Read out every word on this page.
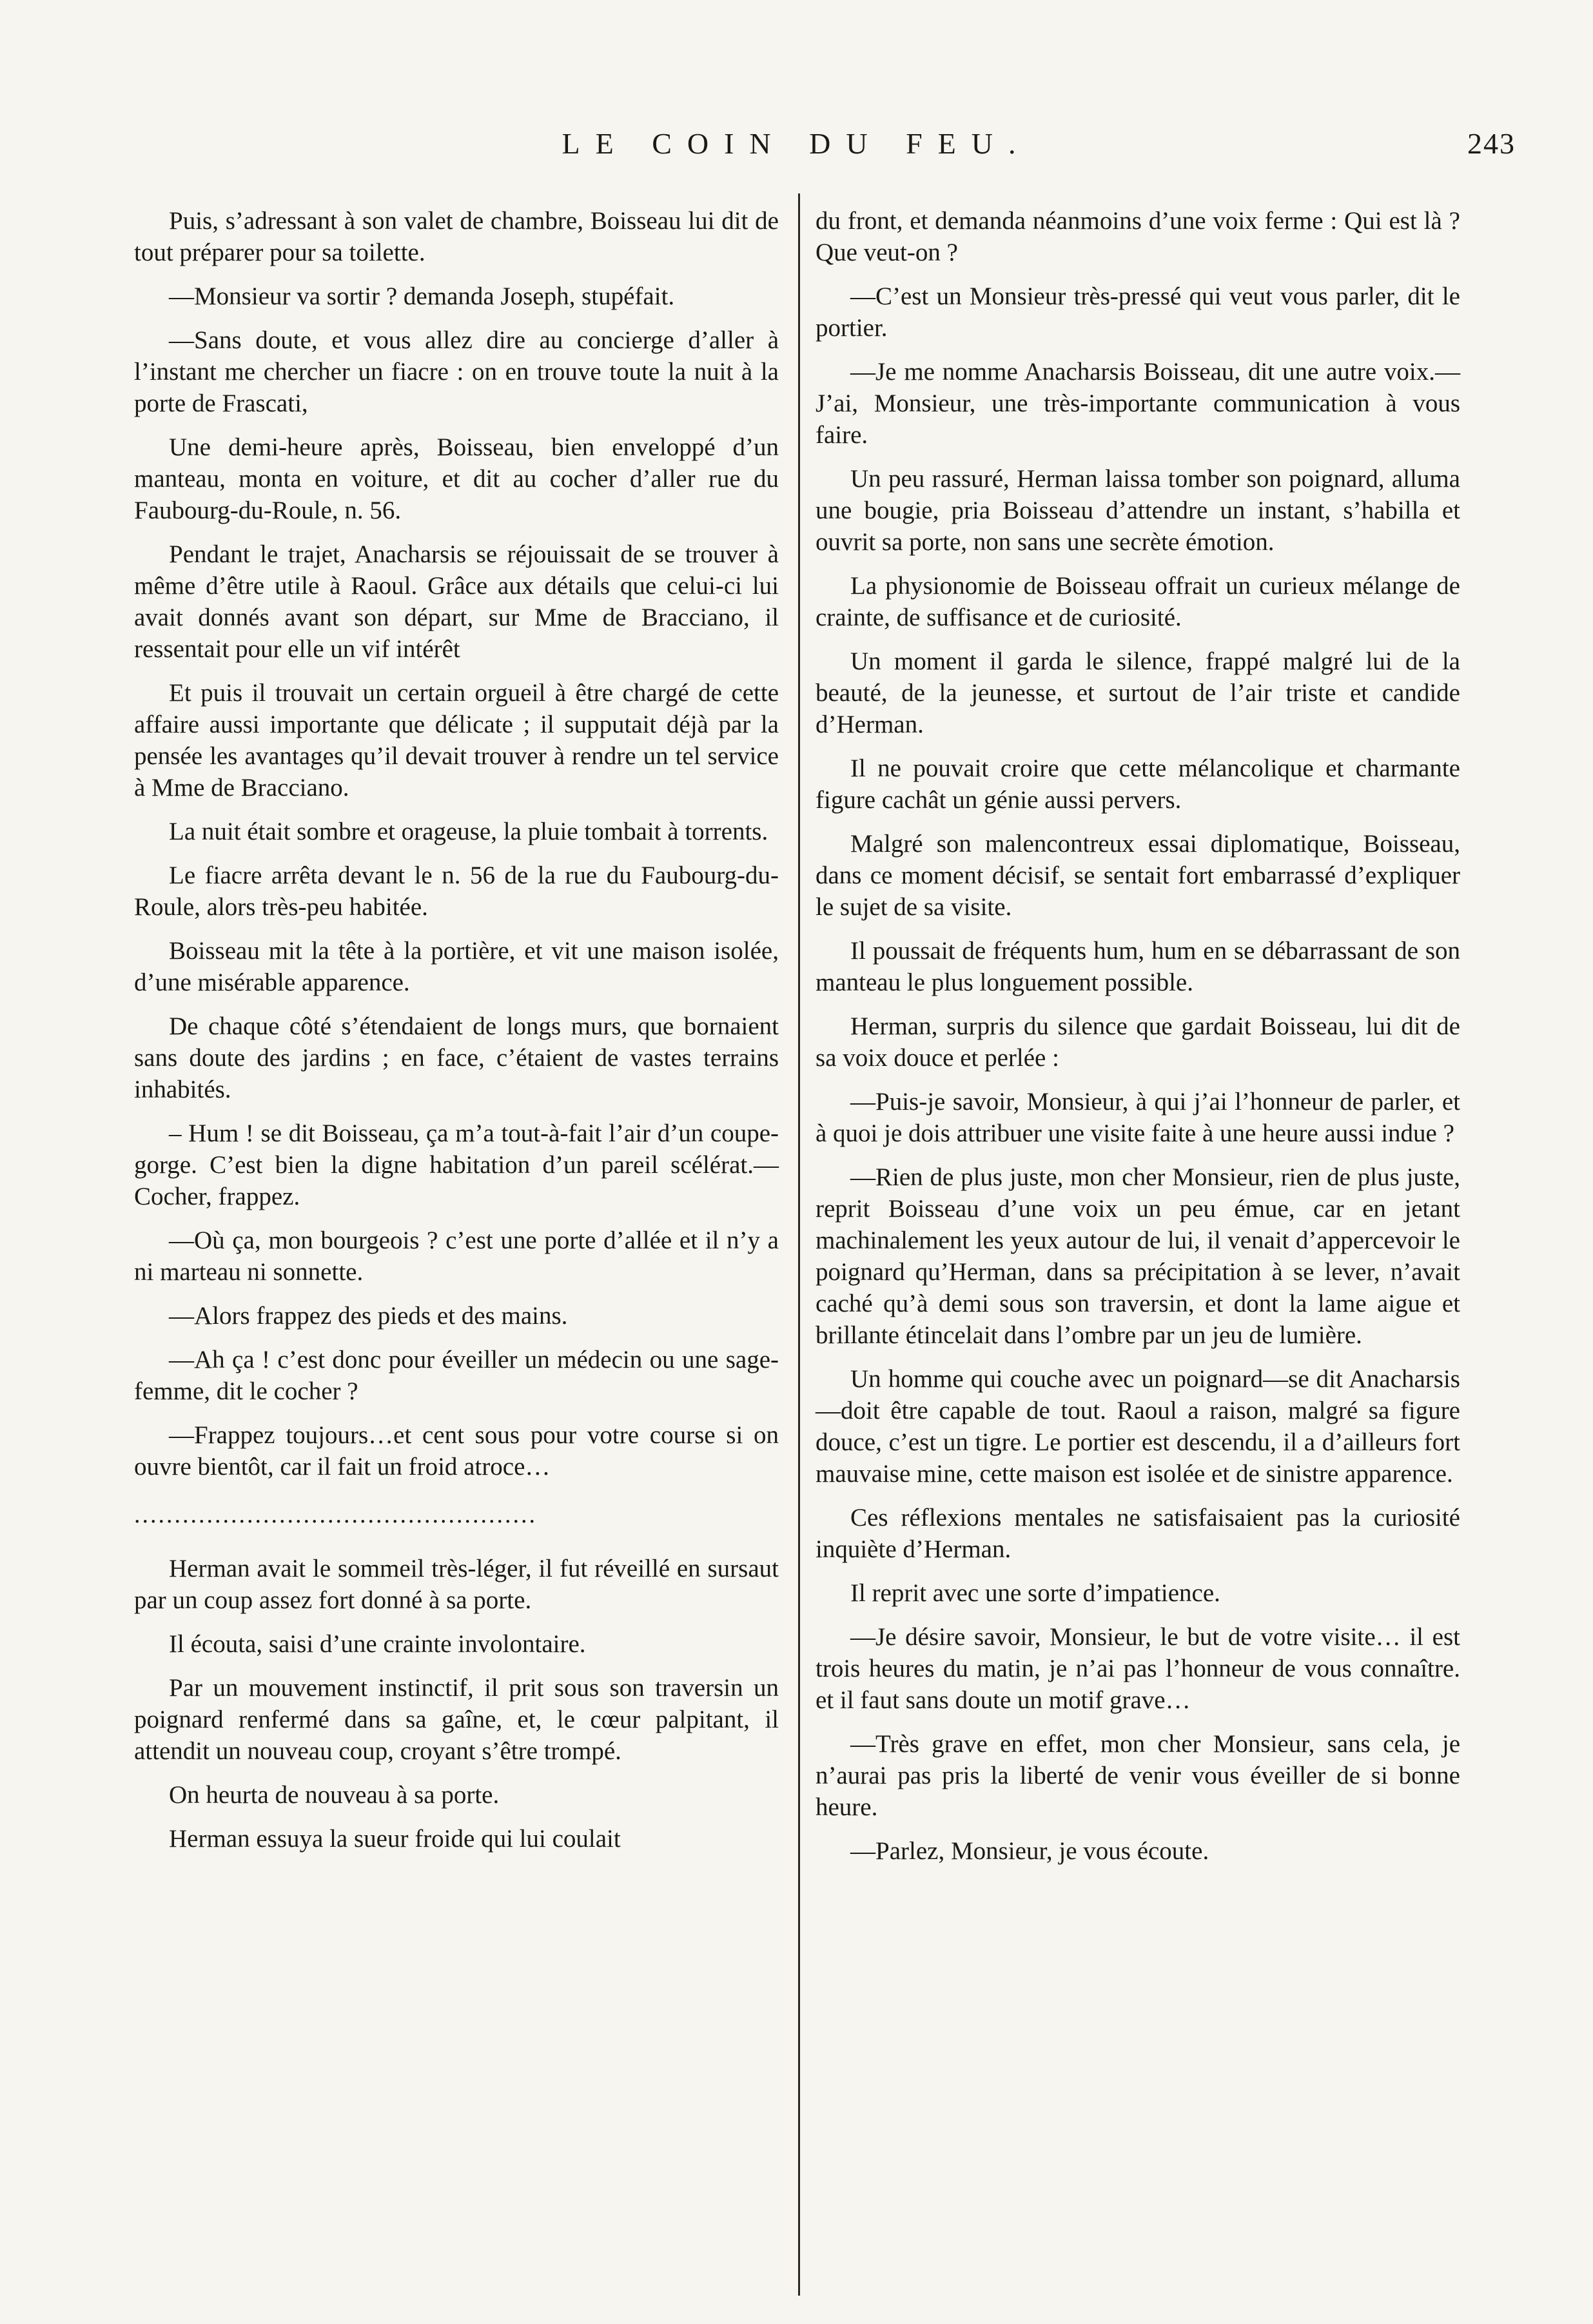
LE COIN DU FEU.	243

Puis, s’adressant à son valet de chambre, Boisseau lui dit de tout préparer pour sa toilette.

—Monsieur va sortir ? demanda Joseph, stupéfait.

—Sans doute, et vous allez dire au concierge d’aller à l’instant me chercher un fiacre : on en trouve toute la nuit à la porte de Frascati,

Une demi-heure après, Boisseau, bien enveloppé d’un manteau, monta en voiture, et dit au cocher d’aller rue du Faubourg-du-Roule, n. 56.

Pendant le trajet, Anacharsis se réjouissait de se trouver à même d’être utile à Raoul. Grâce aux détails que celui-ci lui avait donnés avant son départ, sur Mme de Bracciano, il ressentait pour elle un vif intérêt

Et puis il trouvait un certain orgueil à être chargé de cette affaire aussi importante que délicate ; il supputait déjà par la pensée les avantages qu’il devait trouver à rendre un tel service à Mme de Bracciano.

La nuit était sombre et orageuse, la pluie tombait à torrents.

Le fiacre arrêta devant le n. 56 de la rue du Faubourg-du-Roule, alors très-peu habitée.

Boisseau mit la tête à la portière, et vit une maison isolée, d’une misérable apparence.

De chaque côté s’étendaient de longs murs, que bornaient sans doute des jardins ; en face, c’étaient de vastes terrains inhabités.

– Hum ! se dit Boisseau, ça m’a tout-à-fait l’air d’un coupe-gorge. C’est bien la digne habitation d’un pareil scélérat.—Cocher, frappez.

—Où ça, mon bourgeois ? c’est une porte d’allée et il n’y a ni marteau ni sonnette.

—Alors frappez des pieds et des mains.

—Ah ça ! c’est donc pour éveiller un médecin ou une sage-femme, dit le cocher ?

—Frappez toujours…et cent sous pour votre course si on ouvre bientôt, car il fait un froid atroce…

..................................................

Herman avait le sommeil très-léger, il fut réveillé en sursaut par un coup assez fort donné à sa porte.

Il écouta, saisi d’une crainte involontaire.

Par un mouvement instinctif, il prit sous son traversin un poignard renfermé dans sa gaîne, et, le cœur palpitant, il attendit un nouveau coup, croyant s’être trompé.

On heurta de nouveau à sa porte.

Herman essuya la sueur froide qui lui coulait

du front, et demanda néanmoins d’une voix ferme : Qui est là ? Que veut-on ?

—C’est un Monsieur très-pressé qui veut vous parler, dit le portier.

—Je me nomme Anacharsis Boisseau, dit une autre voix.—J’ai, Monsieur, une très-importante communication à vous faire.

Un peu rassuré, Herman laissa tomber son poignard, alluma une bougie, pria Boisseau d’attendre un instant, s’habilla et ouvrit sa porte, non sans une secrète émotion.

La physionomie de Boisseau offrait un curieux mélange de crainte, de suffisance et de curiosité.

Un moment il garda le silence, frappé malgré lui de la beauté, de la jeunesse, et surtout de l’air triste et candide d’Herman.

Il ne pouvait croire que cette mélancolique et charmante figure cachât un génie aussi pervers.

Malgré son malencontreux essai diplomatique, Boisseau, dans ce moment décisif, se sentait fort embarrassé d’expliquer le sujet de sa visite.

Il poussait de fréquents hum, hum en se débarrassant de son manteau le plus longuement possible.

Herman, surpris du silence que gardait Boisseau, lui dit de sa voix douce et perlée :

—Puis-je savoir, Monsieur, à qui j’ai l’honneur de parler, et à quoi je dois attribuer une visite faite à une heure aussi indue ?

—Rien de plus juste, mon cher Monsieur, rien de plus juste, reprit Boisseau d’une voix un peu émue, car en jetant machinalement les yeux autour de lui, il venait d’appercevoir le poignard qu’Herman, dans sa précipitation à se lever, n’avait caché qu’à demi sous son traversin, et dont la lame aigue et brillante étincelait dans l’ombre par un jeu de lumière.

Un homme qui couche avec un poignard—se dit Anacharsis—doit être capable de tout. Raoul a raison, malgré sa figure douce, c’est un tigre. Le portier est descendu, il a d’ailleurs fort mauvaise mine, cette maison est isolée et de sinistre apparence.

Ces réflexions mentales ne satisfaisaient pas la curiosité inquiète d’Herman.

Il reprit avec une sorte d’impatience.

—Je désire savoir, Monsieur, le but de votre visite… il est trois heures du matin, je n’ai pas l’honneur de vous connaître. et il faut sans doute un motif grave…

—Très grave en effet, mon cher Monsieur, sans cela, je n’aurai pas pris la liberté de venir vous éveiller de si bonne heure.

—Parlez, Monsieur, je vous écoute.
